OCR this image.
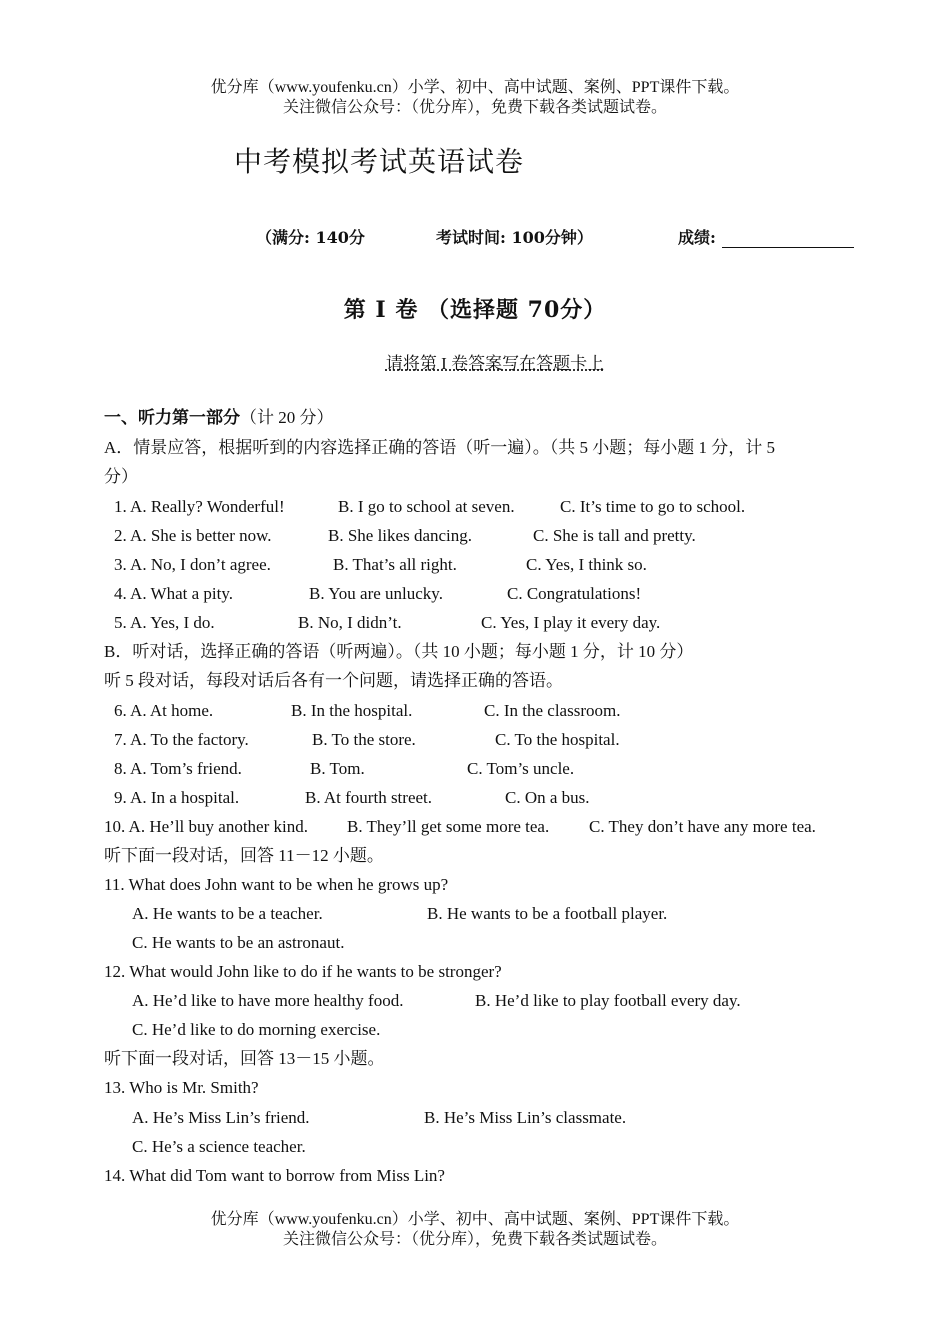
优分库（www.youfenku.cn）小学、初中、高中试题、案例、PPT课件下载。
关注微信公众号：（优分库），免费下载各类试题试卷。
中考模拟考试英语试卷
（满分: 140分	考试时间: 100分钟）	成绩:
第 I 卷 （选择题 70分）
请将第 I 卷答案写在答题卡上
一、听力第一部分（计 20 分）
A．情景应答，根据听到的内容选择正确的答语（听一遍）。（共 5 小题；每小题 1 分，计 5
分）
1. A. Really? Wonderful!	B. I go to school at seven.	C. It’s time to go to school.
2. A. She is better now.	B. She likes dancing.	C. She is tall and pretty.
3. A. No, I don’t agree.	B. That’s all right.	C. Yes, I think so.
4. A. What a pity.	B. You are unlucky.	C. Congratulations!
5. A. Yes, I do.	B. No, I didn’t.	C. Yes, I play it every day.
B．听对话，选择正确的答语（听两遍）。（共 10 小题；每小题 1 分，计 10 分）
听 5 段对话，每段对话后各有一个问题，请选择正确的答语。
6. A. At home.	B. In the hospital.	C. In the classroom.
7. A. To the factory.	B. To the store.	C. To the hospital.
8. A. Tom’s friend.	B. Tom.	C. Tom’s uncle.
9. A. In a hospital.	B. At fourth street.	C. On a bus.
10. A. He’ll buy another kind. B. They’ll get some more tea. C. They don’t have any more tea.
听下面一段对话，回答 11－12 小题。
11. What does John want to be when he grows up?
A. He wants to be a teacher.	B. He wants to be a football player.
C. He wants to be an astronaut.
12. What would John like to do if he wants to be stronger?
A. He’d like to have more healthy food.	B. He’d like to play football every day.
C. He’d like to do morning exercise.
听下面一段对话，回答 13－15 小题。
13. Who is Mr. Smith?
A. He’s Miss Lin’s friend.	B. He’s Miss Lin’s classmate.
C. He’s a science teacher.
14. What did Tom want to borrow from Miss Lin?
优分库（www.youfenku.cn）小学、初中、高中试题、案例、PPT课件下载。
关注微信公众号：（优分库），免费下载各类试题试卷。
